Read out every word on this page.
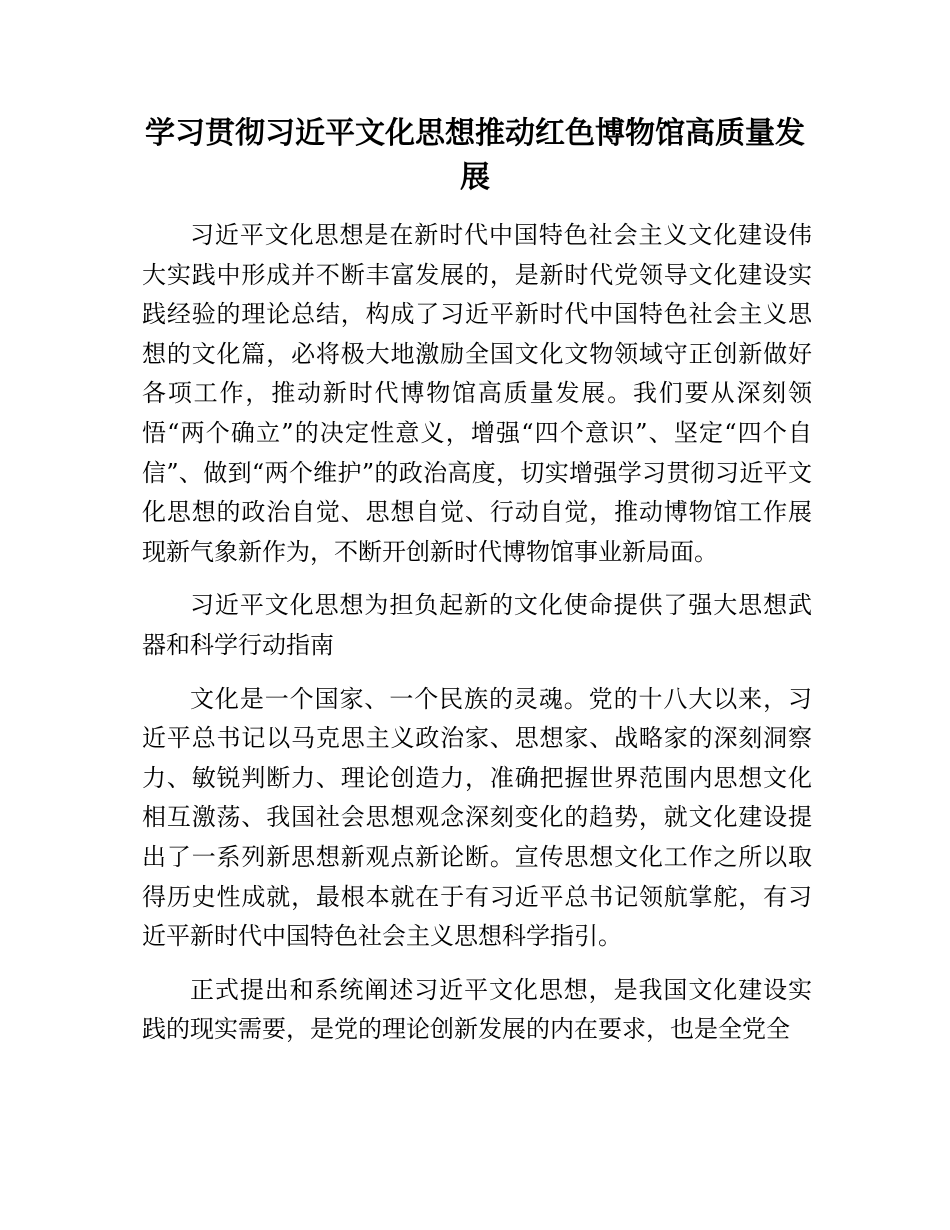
学习贯彻习近平文化思想推动红色博物馆高质量发展

习近平文化思想是在新时代中国特色社会主义文化建设伟大实践中形成并不断丰富发展的，是新时代党领导文化建设实践经验的理论总结，构成了习近平新时代中国特色社会主义思想的文化篇，必将极大地激励全国文化文物领域守正创新做好各项工作，推动新时代博物馆高质量发展。我们要从深刻领悟“两个确立”的决定性意义，增强“四个意识”、坚定“四个自信”、做到“两个维护”的政治高度，切实增强学习贯彻习近平文化思想的政治自觉、思想自觉、行动自觉，推动博物馆工作展现新气象新作为，不断开创新时代博物馆事业新局面。

习近平文化思想为担负起新的文化使命提供了强大思想武器和科学行动指南

文化是一个国家、一个民族的灵魂。党的十八大以来，习近平总书记以马克思主义政治家、思想家、战略家的深刻洞察力、敏锐判断力、理论创造力，准确把握世界范围内思想文化相互激荡、我国社会思想观念深刻变化的趋势，就文化建设提出了一系列新思想新观点新论断。宣传思想文化工作之所以取得历史性成就，最根本就在于有习近平总书记领航掌舵，有习近平新时代中国特色社会主义思想科学指引。

正式提出和系统阐述习近平文化思想，是我国文化建设实践的现实需要，是党的理论创新发展的内在要求，也是全党全
